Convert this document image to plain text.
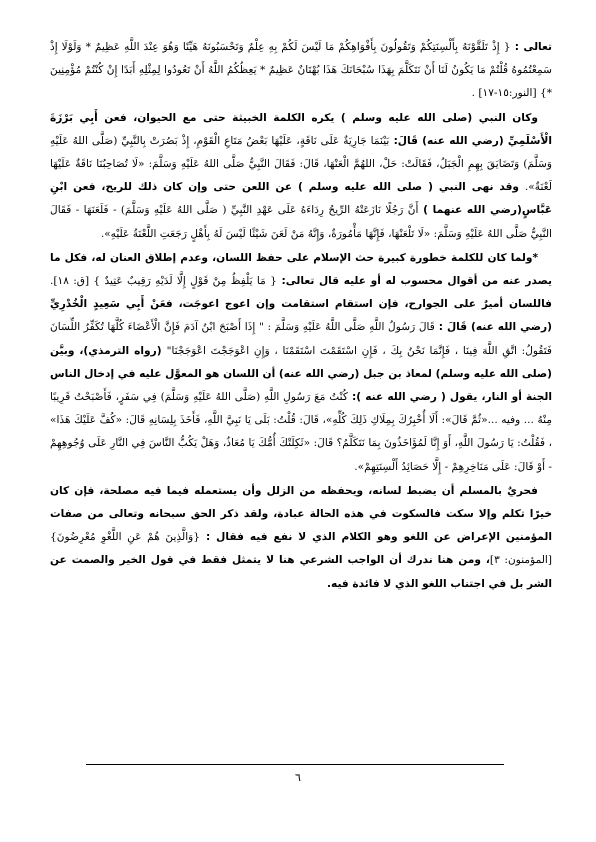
تعالى : { إِذْ تَلَقَّوْنَهُ بِأَلْسِنَتِكُمْ وَتَقُولُونَ بِأَفْوَاهِكُمْ مَا لَيْسَ لَكُمْ بِهِ عِلْمٌ وَتَحْسَبُونَهُ هَيِّنًا وَهُوَ عِنْدَ اللَّهِ عَظِيمٌ * وَلَوْلَا إِذْ سَمِعْتُمُوهُ قُلْتُمْ مَا يَكُونُ لَنَا أَنْ نَتَكَلَّمَ بِهَذَا سُبْحَانَكَ هَذَا بُهْتَانٌ عَظِيمٌ * يَعِظُكُمُ اللَّهُ أَنْ تَعُودُوا لِمِثْلِهِ أَبَدًا إِنْ كُنْتُمْ مُؤْمِنِينَ *} [النور:١٥-١٧] .

وكان النبي (صلى الله عليه وسلم ) يكره الكلمة الخبيثة حتى مع الحيوان، فعن أَبِي بَرْزَةَ الْأَسْلَمِيِّ (رضي الله عنه) قَالَ: بَيْنَمَا جَارِيَةٌ عَلَى نَاقَةٍ، عَلَيْهَا بَعْضُ مَتَاعِ الْقَوْمِ، إِذْ بَصُرَتْ بِالنَّبِيِّ (صَلَّى اللهُ عَلَيْهِ وَسَلَّمَ) وَتَضَايَقَ بِهِمِ الْجَبَلُ، فَقَالَتْ: حَلْ، اللهُمَّ الْعَنْهَا، قَالَ: فَقَالَ النَّبِيُّ صَلَّى اللهُ عَلَيْهِ وَسَلَّمَ: «لَا تُصَاحِبُنَا نَاقَةٌ عَلَيْهَا لَعْنَةٌ». وقد نهى النبي ( صلى الله عليه وسلم ) عن اللعن حتى وإن كان ذلك للريح، فعن ابْنِ عَبَّاسٍ(رضي الله عنهما ) أَنَّ رَجُلًا نَازَعَتْهُ الرِّيحُ رِدَاءَهُ عَلَى عَهْدِ النَّبِيِّ ( صَلَّى اللهُ عَلَيْهِ وَسَلَّمَ) - فَلَعَنَهَا - فَقَالَ النَّبِيُّ صَلَّى اللهُ عَلَيْهِ وَسَلَّمَ: «لَا تَلْعَنْهَا، فَإِنَّهَا مَأْمُورَةٌ، وَإِنَّهُ مَنْ لَعَنَ شَيْئًا لَيْسَ لَهُ بِأَهْلٍ رَجَعَتِ اللَّعْنَةُ عَلَيْهِ».

*ولما كان للكلمة خطورة كبيرة حث الإسلام على حفظ اللسان، وعدم إطلاق العنان له، فكل ما يصدر عنه من أقوال محسوب له أو عليه قال تعالى: { مَا يَلْفِظُ مِنْ قَوْلٍ إِلَّا لَدَيْهِ رَقِيبٌ عَتِيدٌ } [ق: ١٨]. فاللسان أميرٌ على الجوارح، فإن استقام استقامت وإن اعوج اعوجَت، فعَنْ أَبِي سَعِيدٍ الْخُدْرِيِّ (رضي الله عنه) قَالَ : قَالَ رَسُولُ اللَّهِ صَلَّى اللَّهُ عَلَيْهِ وَسَلَّمَ : " إِذَا أَصْبَحَ ابْنُ آدَمَ فَإِنَّ الْأَعْضَاءَ كُلَّهَا تُكَفِّرُ اللِّسَانَ فَتَقُولُ: اتَّقِ اللَّهَ فِينَا ، فَإِنَّمَا نَحْنُ بِكَ ، فَإِنِ اسْتَقَمْتَ اسْتَقَمْنَا ، وَإِنِ اعْوَجَجْتَ اعْوَجَجْنَا" (رواه الترمذي)، وبيَّن (صلى الله عليه وسلم) لمعاذ بن جبل (رضي الله عنه) أن اللسان هو المعوَّل عليه في إدخال الناس الجنة أو النار، يقول ( رضي الله عنه ): كُنْتُ مَعَ رَسُولِ اللَّهِ (صَلَّى اللهُ عَلَيْهِ وَسَلَّمَ) فِي سَفَرٍ، فَأَصْبَحْتُ قَرِيبًا مِنْهُ ... وفيه ...«ثُمَّ قَالَ»: أَلَا أُخْبِرُكَ بِمِلَاكِ ذَلِكَ كُلِّهِ»، قَالَ: قُلْتُ: بَلَى يَا نَبِيَّ اللَّهِ، فَأَخَذَ بِلِسَانِهِ قَالَ: «كُفَّ عَلَيْكَ هَذَا» ، فَقُلْتُ: يَا رَسُولَ اللَّهِ، أَوَ إِنَّا لَمُؤَاخَذُونَ بِمَا نَتَكَلَّمُ؟ قَالَ: «ثَكِلَتْكَ أُمُّكَ يَا مُعَاذُ، وَهَلْ يَكُبُّ النَّاسَ فِي النَّارِ عَلَى وُجُوهِهِمْ - أَوْ قَالَ: عَلَى مَنَاخِرِهِمْ - إِلَّا حَصَائِدُ أَلْسِنَتِهِمْ».

فحريٌ بالمسلم أن يضبط لسانه، ويحفظه من الزلل وأن يستعمله فيما فيه مصلحة، فإن كان خيرًا تكلم وإلا سكت فالسكوت في هذه الحالة عبادة، ولقد ذكر الحق سبحانه وتعالى من صفات المؤمنين الإعراض عن اللغو وهو الكلام الذي لا نفع فيه فقال : {وَالَّذِينَ هُمْ عَنِ اللَّغْوِ مُعْرِضُونَ} [المؤمنون: ٣]، ومن هنا ندرك أن الواجب الشرعي هنا لا يتمثل فقط في قول الخير والصمت عن الشر بل في اجتناب اللغو الذي لا فائدة فيه.

٦
